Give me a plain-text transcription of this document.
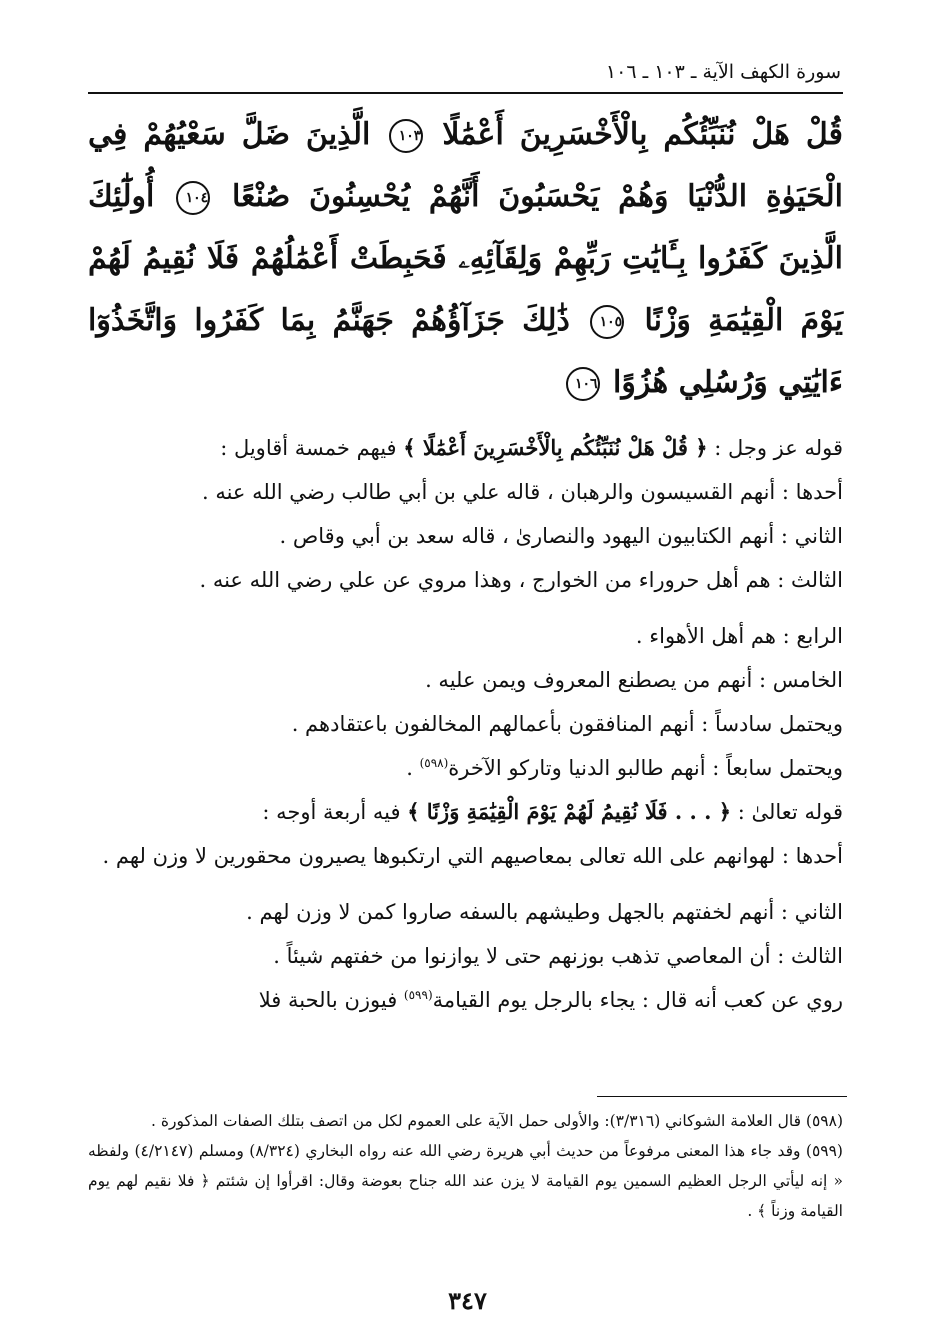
سورة الكهف الآية ـ ١٠٣ ـ ١٠٦
قُلْ هَلْ نُنَبِّئُكُم بِالْأَخْسَرِينَ أَعْمَٰلًا ١٠٣ الَّذِينَ ضَلَّ سَعْيُهُمْ فِي الْحَيَوٰةِ الدُّنْيَا وَهُمْ يَحْسَبُونَ أَنَّهُمْ يُحْسِنُونَ صُنْعًا ١٠٤ أُولَٰٓئِكَ الَّذِينَ كَفَرُوا بِـَٔايَٰتِ رَبِّهِمْ وَلِقَآئِهِۦ فَحَبِطَتْ أَعْمَٰلُهُمْ فَلَا نُقِيمُ لَهُمْ يَوْمَ الْقِيَٰمَةِ وَزْنًا ١٠٥ ذَٰلِكَ جَزَآؤُهُمْ جَهَنَّمُ بِمَا كَفَرُوا وَاتَّخَذُوٓا ءَايَٰتِي وَرُسُلِي هُزُوًا ١٠٦

قوله عز وجل : ﴿ قُلْ هَلْ نُنَبِّئُكُم بِالْأَخْسَرِينَ أَعْمَٰلًا ﴾ فيهم خمسة أقاويل :

أحدها : أنهم القسيسون والرهبان ، قاله علي بن أبي طالب رضي الله عنه .

الثاني : أنهم الكتابيون اليهود والنصارىٰ ، قاله سعد بن أبي وقاص .

الثالث : هم أهل حروراء من الخوارج ، وهذا مروي عن علي رضي الله عنه .

الرابع : هم أهل الأهواء .

الخامس : أنهم من يصطنع المعروف ويمن عليه .

ويحتمل سادساً : أنهم المنافقون بأعمالهم المخالفون باعتقادهم .

ويحتمل سابعاً : أنهم طالبو الدنيا وتاركو الآخرة$^{(٥٩٨)}$ .

قوله تعالىٰ : ﴿ . . . فَلَا نُقِيمُ لَهُمْ يَوْمَ الْقِيَٰمَةِ وَزْنًا ﴾ فيه أربعة أوجه :

أحدها : لهوانهم على الله تعالى بمعاصيهم التي ارتكبوها يصيرون محقورين لا وزن لهم .

الثاني : أنهم لخفتهم بالجهل وطيشهم بالسفه صاروا كمن لا وزن لهم .

الثالث : أن المعاصي تذهب بوزنهم حتى لا يوازنوا من خفتهم شيئاً .

روي عن كعب أنه قال : يجاء بالرجل يوم القيامة$^{(٥٩٩)}$ فيوزن بالحبة فلا

(٥٩٨) قال العلامة الشوكاني (٣/٣١٦): والأولى حمل الآية على العموم لكل من اتصف بتلك الصفات المذكورة .

(٥٩٩) وقد جاء هذا المعنى مرفوعاً من حديث أبي هريرة رضي الله عنه رواه البخاري (٨/٣٢٤) ومسلم (٤/٢١٤٧) ولفظه « إنه ليأتي الرجل العظيم السمين يوم القيامة لا يزن عند الله جناح بعوضة وقال: اقرأوا إن شئتم ﴿ فلا نقيم لهم يوم القيامة وزناً ﴾ .

٣٤٧
